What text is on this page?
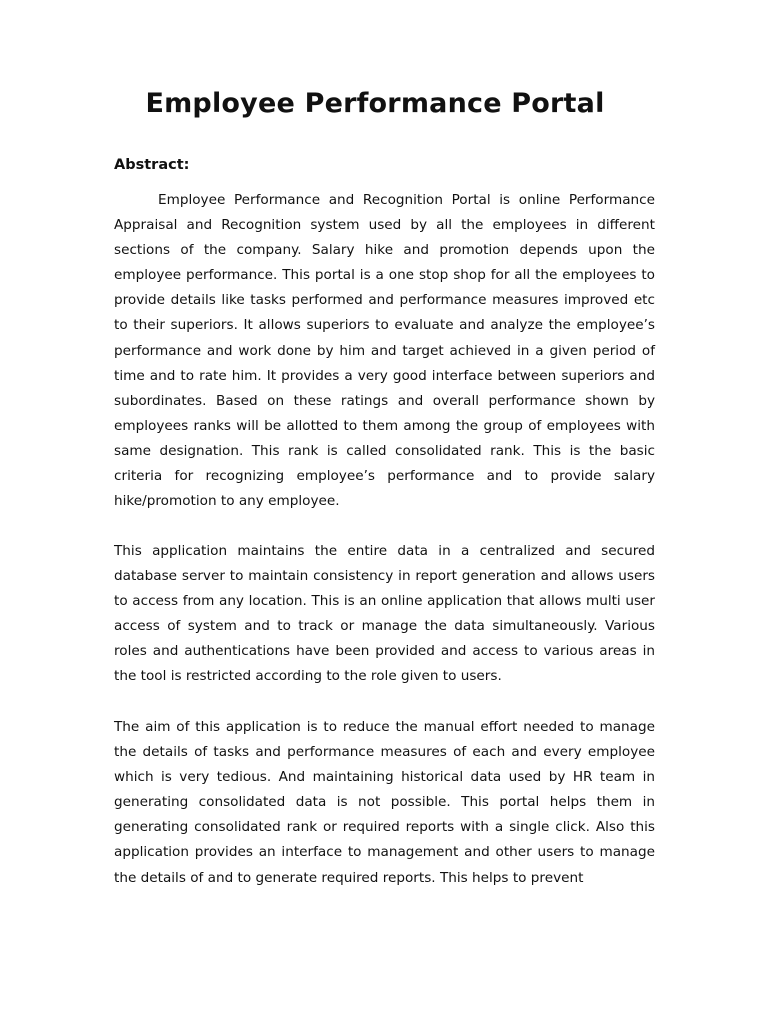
Employee Performance Portal
Abstract:

Employee Performance and Recognition Portal is online Performance Appraisal and Recognition system used by all the employees in different sections of the company. Salary hike and promotion depends upon the employee performance. This portal is a one stop shop for all the employees to provide details like tasks performed and performance measures improved etc to their superiors. It allows superiors to evaluate and analyze the employee’s performance and work done by him and target achieved in a given period of time and to rate him. It provides a very good interface between superiors and subordinates. Based on these ratings and overall performance shown by employees ranks will be allotted to them among the group of employees with same designation. This rank is called consolidated rank. This is the basic criteria for recognizing employee’s performance and to provide salary hike/promotion to any employee.

This application maintains the entire data in a centralized and secured database server to maintain consistency in report generation and allows users to access from any location. This is an online application that allows multi user access of system and to track or manage the data simultaneously. Various roles and authentications have been provided and access to various areas in the tool is restricted according to the role given to users.

The aim of this application is to reduce the manual effort needed to manage the details of tasks and performance measures of each and every employee which is very tedious. And maintaining historical data used by HR team in generating consolidated data is not possible. This portal helps them in generating consolidated rank or required reports with a single click. Also this application provides an interface to management and other users to manage the details of and to generate required reports. This helps to prevent
